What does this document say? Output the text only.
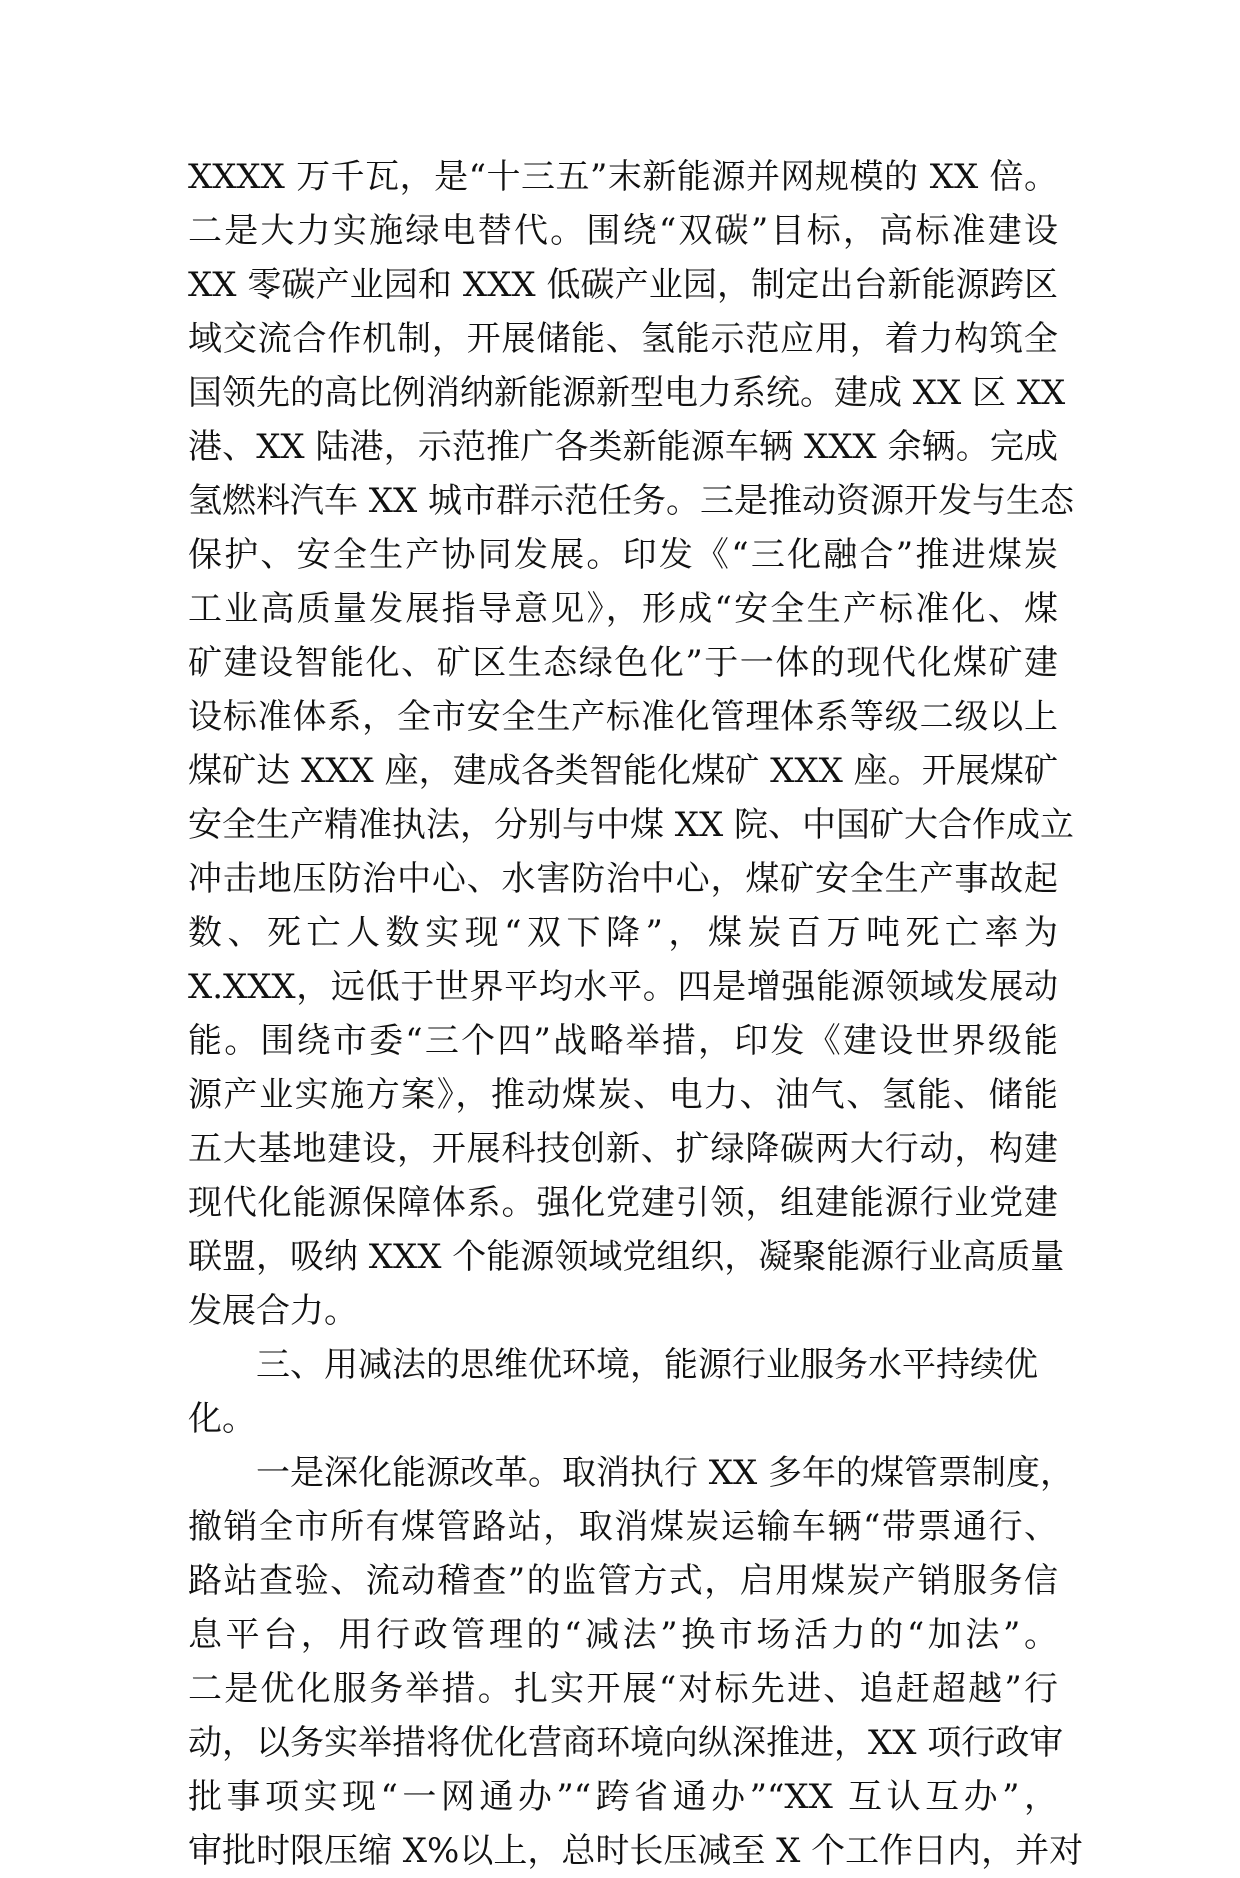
XXXX 万千瓦，是“十三五”末新能源并网规模的 XX 倍。
二是大力实施绿电替代。围绕“双碳”目标，高标准建设
XX 零碳产业园和 XXX 低碳产业园，制定出台新能源跨区
域交流合作机制，开展储能、氢能示范应用，着力构筑全
国领先的高比例消纳新能源新型电力系统。建成 XX 区 XX
港、XX 陆港，示范推广各类新能源车辆 XXX 余辆。完成
氢燃料汽车 XX 城市群示范任务。三是推动资源开发与生态
保护、安全生产协同发展。印发《“三化融合”推进煤炭
工业高质量发展指导意见》，形成“安全生产标准化、煤
矿建设智能化、矿区生态绿色化”于一体的现代化煤矿建
设标准体系，全市安全生产标准化管理体系等级二级以上
煤矿达 XXX 座，建成各类智能化煤矿 XXX 座。开展煤矿
安全生产精准执法，分别与中煤 XX 院、中国矿大合作成立
冲击地压防治中心、水害防治中心，煤矿安全生产事故起
数、死亡人数实现“双下降”，煤炭百万吨死亡率为
X.XXX，远低于世界平均水平。四是增强能源领域发展动
能。围绕市委“三个四”战略举措，印发《建设世界级能
源产业实施方案》，推动煤炭、电力、油气、氢能、储能
五大基地建设，开展科技创新、扩绿降碳两大行动，构建
现代化能源保障体系。强化党建引领，组建能源行业党建
联盟，吸纳 XXX 个能源领域党组织，凝聚能源行业高质量
发展合力。
三、用减法的思维优环境，能源行业服务水平持续优
化。
一是深化能源改革。取消执行 XX 多年的煤管票制度，
撤销全市所有煤管路站，取消煤炭运输车辆“带票通行、
路站查验、流动稽查”的监管方式，启用煤炭产销服务信
息平台，用行政管理的“减法”换市场活力的“加法”。
二是优化服务举措。扎实开展“对标先进、追赶超越”行
动，以务实举措将优化营商环境向纵深推进，XX 项行政审
批事项实现“一网通办”“跨省通办”“XX 互认互办”，
审批时限压缩 X%以上，总时长压减至 X 个工作日内，并对
